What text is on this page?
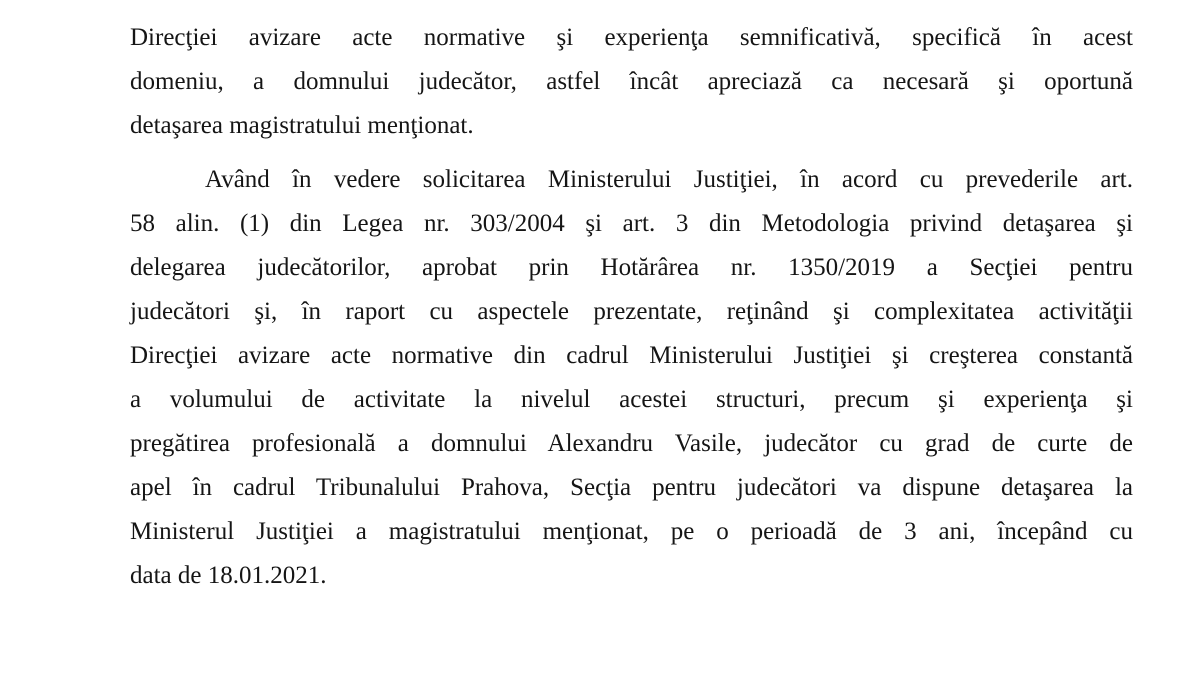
Direcţiei avizare acte normative şi experienţa semnificativă, specifică în acest
domeniu, a domnului judecător, astfel încât apreciază ca necesară şi oportună
detaşarea magistratului menţionat.
Având în vedere solicitarea Ministerului Justiţiei, în acord cu prevederile art.
58 alin. (1) din Legea nr. 303/2004 şi art. 3 din Metodologia privind detaşarea şi
delegarea judecătorilor, aprobat prin Hotărârea nr. 1350/2019 a Secţiei pentru
judecători şi, în raport cu aspectele prezentate, reţinând şi complexitatea activităţii
Direcţiei avizare acte normative din cadrul Ministerului Justiţiei şi creşterea constantă
a volumului de activitate la nivelul acestei structuri, precum şi experienţa şi
pregătirea profesională a domnului Alexandru Vasile, judecător cu grad de curte de
apel în cadrul Tribunalului Prahova, Secţia pentru judecători va dispune detaşarea la
Ministerul Justiţiei a magistratului menţionat, pe o perioadă de 3 ani, începând cu
data de 18.01.2021.
